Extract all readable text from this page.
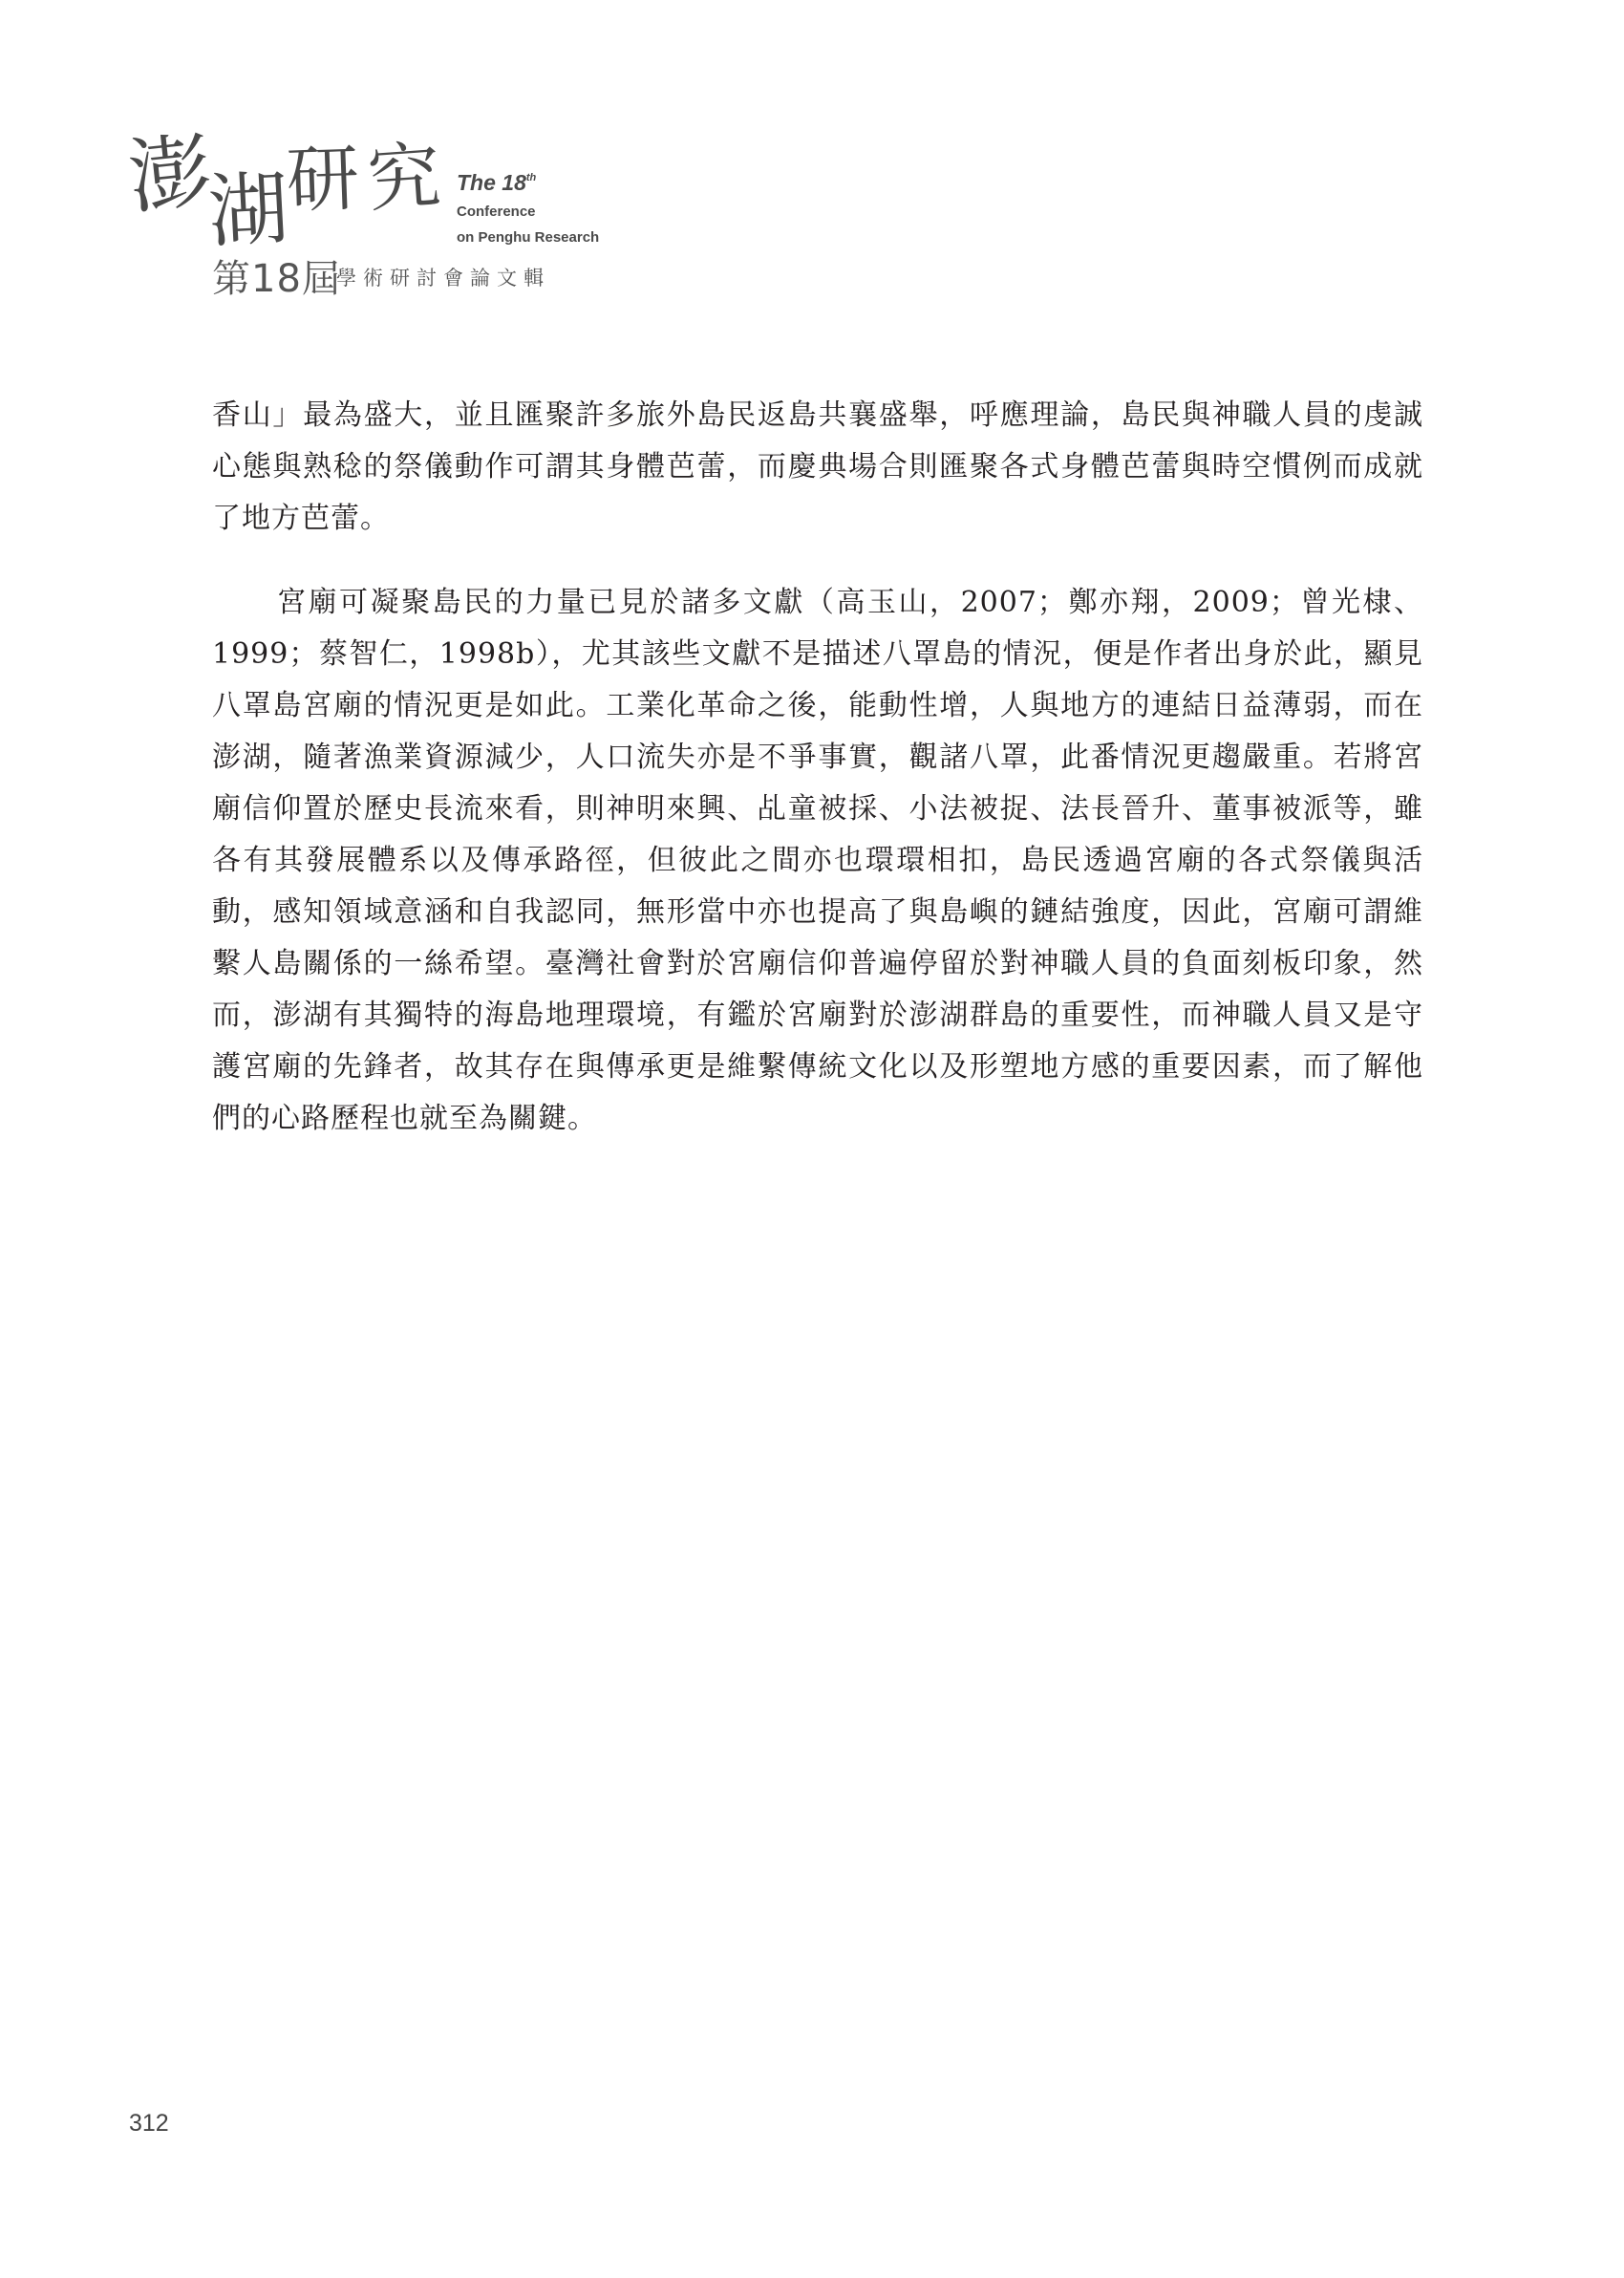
澎
湖
研 究 The 18th
Conference
on Penghu Research
第18屆
學術研討會論文輯

香山」最為盛大，並且匯聚許多旅外島民返島共襄盛舉，呼應理論，島民與神職人員的虔誠心態與熟稔的祭儀動作可謂其身體芭蕾，而慶典場合則匯聚各式身體芭蕾與時空慣例而成就了地方芭蕾。

宮廟可凝聚島民的力量已見於諸多文獻（高玉山，2007；鄭亦翔，2009；曾光棣、1999；蔡智仁，1998b），尤其該些文獻不是描述八罩島的情況，便是作者出身於此，顯見八罩島宮廟的情況更是如此。工業化革命之後，能動性增，人與地方的連結日益薄弱，而在澎湖，隨著漁業資源減少，人口流失亦是不爭事實，觀諸八罩，此番情況更趨嚴重。若將宮廟信仰置於歷史長流來看，則神明來興、乩童被採、小法被捉、法長晉升、董事被派等，雖各有其發展體系以及傳承路徑，但彼此之間亦也環環相扣，島民透過宮廟的各式祭儀與活動，感知領域意涵和自我認同，無形當中亦也提高了與島嶼的鏈結強度，因此，宮廟可謂維繫人島關係的一絲希望。臺灣社會對於宮廟信仰普遍停留於對神職人員的負面刻板印象，然而，澎湖有其獨特的海島地理環境，有鑑於宮廟對於澎湖群島的重要性，而神職人員又是守護宮廟的先鋒者，故其存在與傳承更是維繫傳統文化以及形塑地方感的重要因素，而了解他們的心路歷程也就至為關鍵。

312
